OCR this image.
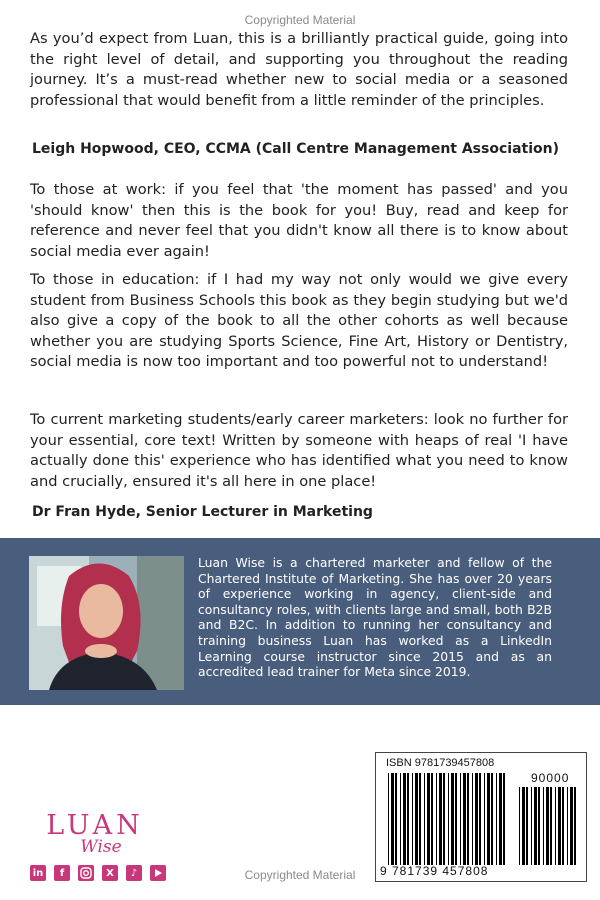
Copyrighted Material

As you’d expect from Luan, this is a brilliantly practical guide, going into the right level of detail, and supporting you throughout the reading journey. It’s a must-read whether new to social media or a seasoned professional that would benefit from a little reminder of the principles.

Leigh Hopwood, CEO, CCMA (Call Centre Management Association)

To those at work: if you feel that 'the moment has passed' and you 'should know' then this is the book for you! Buy, read and keep for reference and never feel that you didn't know all there is to know about social media ever again!

To those in education: if I had my way not only would we give every student from Business Schools this book as they begin studying but we'd also give a copy of the book to all the other cohorts as well because whether you are studying Sports Science, Fine Art, History or Dentistry, social media is now too important and too powerful not to understand!

To current marketing students/early career marketers: look no further for your essential, core text! Written by someone with heaps of real 'I have actually done this' experience who has identified what you need to know and crucially, ensured it's all here in one place!

Dr Fran Hyde, Senior Lecturer in Marketing

Luan Wise is a chartered marketer and fellow of the Chartered Institute of Marketing. She has over 20 years of experience working in agency, client-side and consultancy roles, with clients large and small, both B2B and B2C. In addition to running her consultancy and training business Luan has worked as a LinkedIn Learning course instructor since 2015 and as an accredited lead trainer for Meta since 2019.

LUAN
Wise
in	f	X	♪
ISBN 9781739457808
90000
9 781739 457808
Copyrighted Material
